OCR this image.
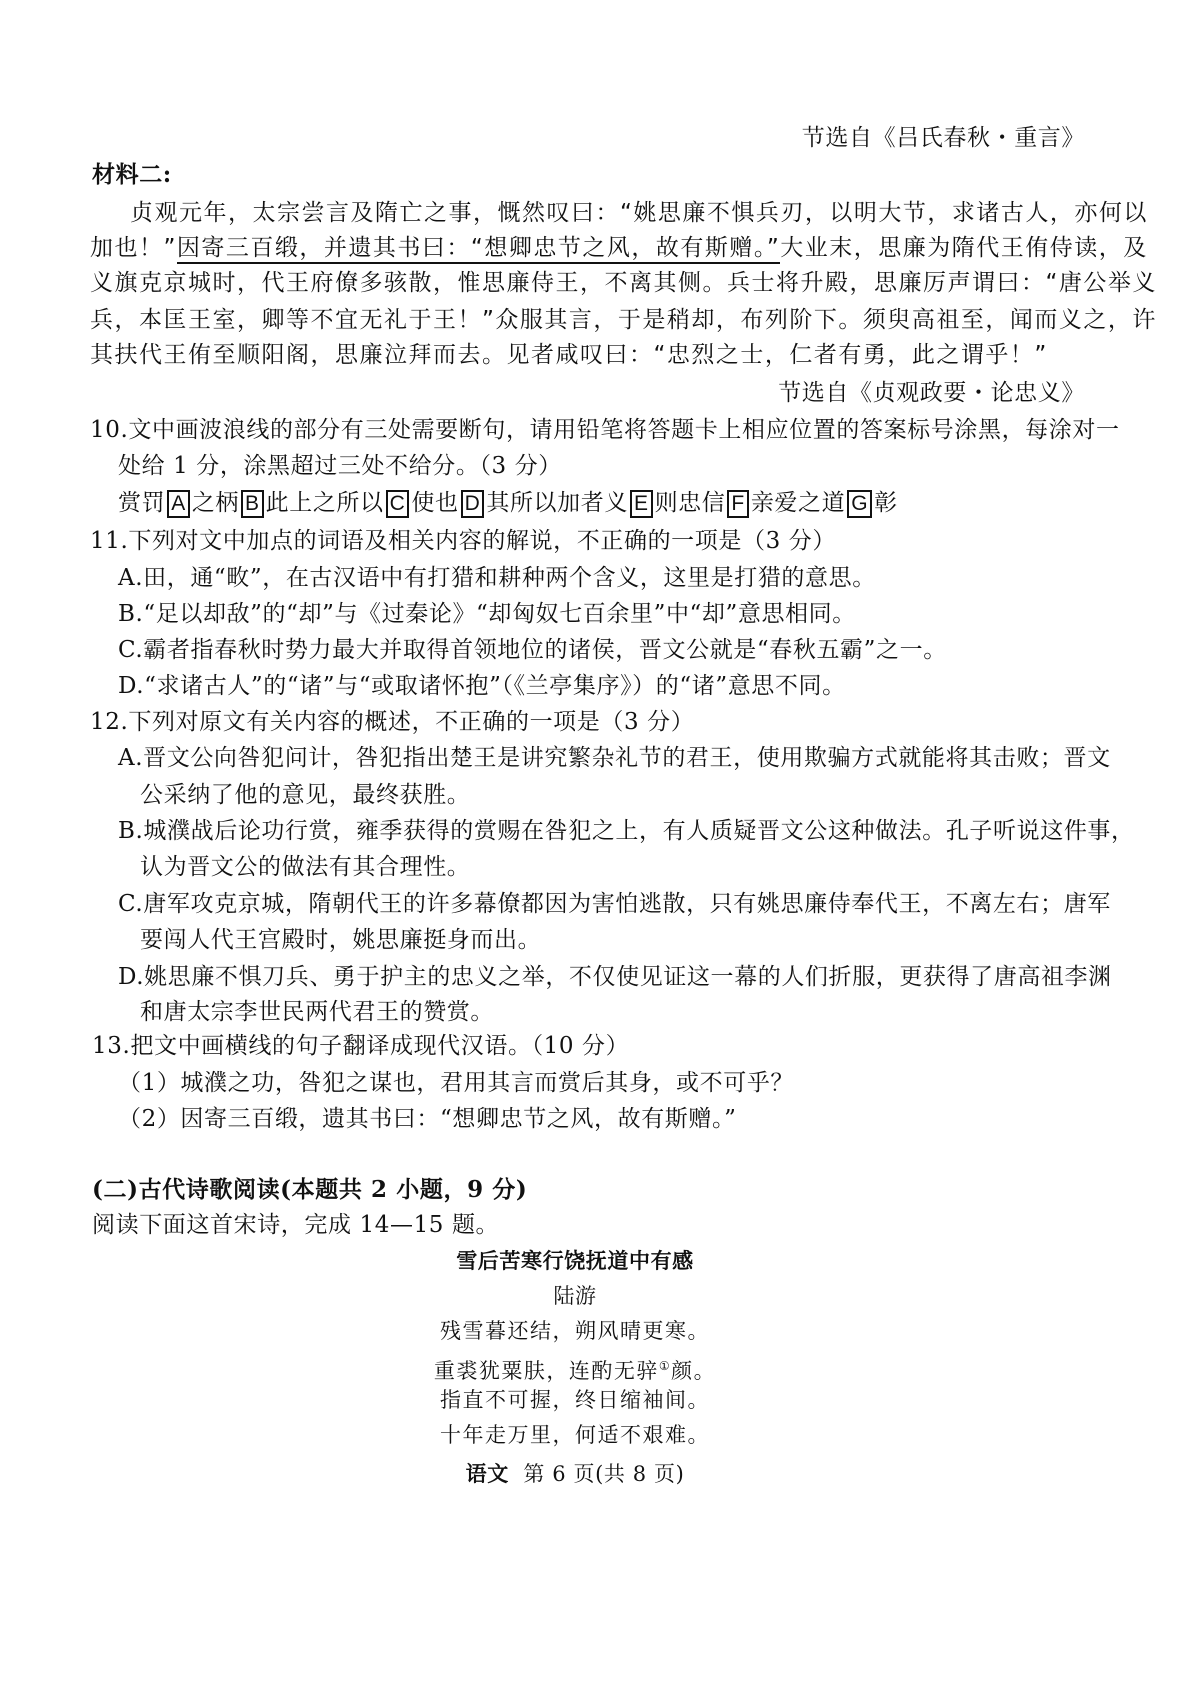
节选自《吕氏春秋・重言》
材料二:
贞观元年，太宗尝言及隋亡之事，慨然叹曰：“姚思廉不惧兵刃，以明大节，求诸古人，亦何以
加也！”因寄三百缎，并遗其书曰：“想卿忠节之风，故有斯赠。”大业末，思廉为隋代王侑侍读，及
义旗克京城时，代王府僚多骇散，惟思廉侍王，不离其侧。兵士将升殿，思廉厉声谓曰：“唐公举义
兵，本匡王室，卿等不宜无礼于王！”众服其言，于是稍却，布列阶下。须臾高祖至，闻而义之，许
其扶代王侑至顺阳阁，思廉泣拜而去。见者咸叹曰：“忠烈之士，仁者有勇，此之谓乎！”
节选自《贞观政要・论忠义》
10.文中画波浪线的部分有三处需要断句，请用铅笔将答题卡上相应位置的答案标号涂黑，每涂对一
处给 1 分，涂黑超过三处不给分。（3 分）
赏罚 A 之柄 B 此上之所以 C 使也 D 其所以加者义 E 则忠信 F 亲爱之道 G 彰
11.下列对文中加点的词语及相关内容的解说，不正确的一项是（3 分）
A.田，通“畋”，在古汉语中有打猎和耕种两个含义，这里是打猎的意思。
B.“足以却敌”的“却”与《过秦论》“却匈奴七百余里”中“却”意思相同。
C.霸者指春秋时势力最大并取得首领地位的诸侯，晋文公就是“春秋五霸”之一。
D.“求诸古人”的“诸”与“或取诸怀抱”（《兰亭集序》）的“诸”意思不同。
12.下列对原文有关内容的概述，不正确的一项是（3 分）
A.晋文公向咎犯问计，咎犯指出楚王是讲究繁杂礼节的君王，使用欺骗方式就能将其击败；晋文
公采纳了他的意见，最终获胜。
B.城濮战后论功行赏，雍季获得的赏赐在咎犯之上，有人质疑晋文公这种做法。孔子听说这件事，
认为晋文公的做法有其合理性。
C.唐军攻克京城，隋朝代王的许多幕僚都因为害怕逃散，只有姚思廉侍奉代王，不离左右；唐军
要闯人代王宫殿时，姚思廉挺身而出。
D.姚思廉不惧刀兵、勇于护主的忠义之举，不仅使见证这一幕的人们折服，更获得了唐高祖李渊
和唐太宗李世民两代君王的赞赏。
13.把文中画横线的句子翻译成现代汉语。（10 分）
（1）城濮之功，咎犯之谋也，君用其言而赏后其身，或不可乎？
（2）因寄三百缎，遗其书曰：“想卿忠节之风，故有斯赠。”
(二)古代诗歌阅读(本题共 2 小题，9 分)
阅读下面这首宋诗，完成 14—15 题。
雪后苦寒行饶抚道中有感
陆游
残雪暮还结，朔风晴更寒。
重裘犹粟肤，连酌无骍①颜。
指直不可握，终日缩袖间。
十年走万里，何适不艰难。
语文 第 6 页(共 8 页)
